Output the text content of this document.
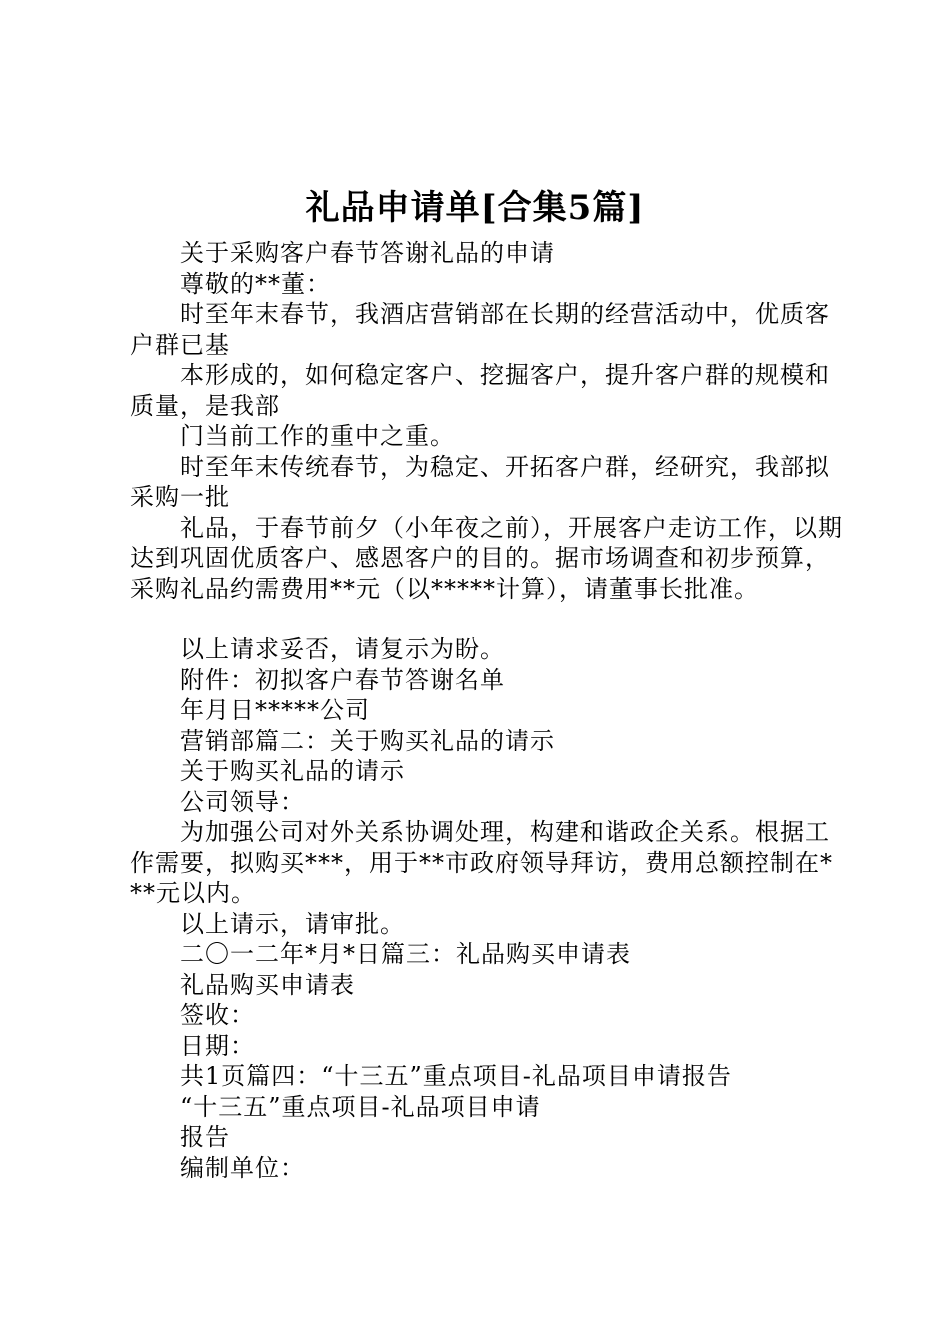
礼品申请单[合集5篇]

关于采购客户春节答谢礼品的申请

尊敬的**董：

时至年末春节，我酒店营销部在长期的经营活动中，优质客户群已基

本形成的，如何稳定客户、挖掘客户，提升客户群的规模和质量，是我部

门当前工作的重中之重。

时至年末传统春节，为稳定、开拓客户群，经研究，我部拟采购一批

礼品，于春节前夕（小年夜之前），开展客户走访工作，以期达到巩固优质客户、感恩客户的目的。据市场调查和初步预算，采购礼品约需费用**元（以*****计算），请董事长批准。

以上请求妥否，请复示为盼。

附件：初拟客户春节答谢名单

年月日*****公司

营销部篇二：关于购买礼品的请示

关于购买礼品的请示

公司领导：

为加强公司对外关系协调处理，构建和谐政企关系。根据工作需要，拟购买***，用于**市政府领导拜访，费用总额控制在***元以内。

以上请示，请审批。

二〇一二年*月*日篇三：礼品购买申请表

礼品购买申请表

签收：

日期：

共1页篇四：“十三五”重点项目-礼品项目申请报告

“十三五”重点项目-礼品项目申请

报告

编制单位：
